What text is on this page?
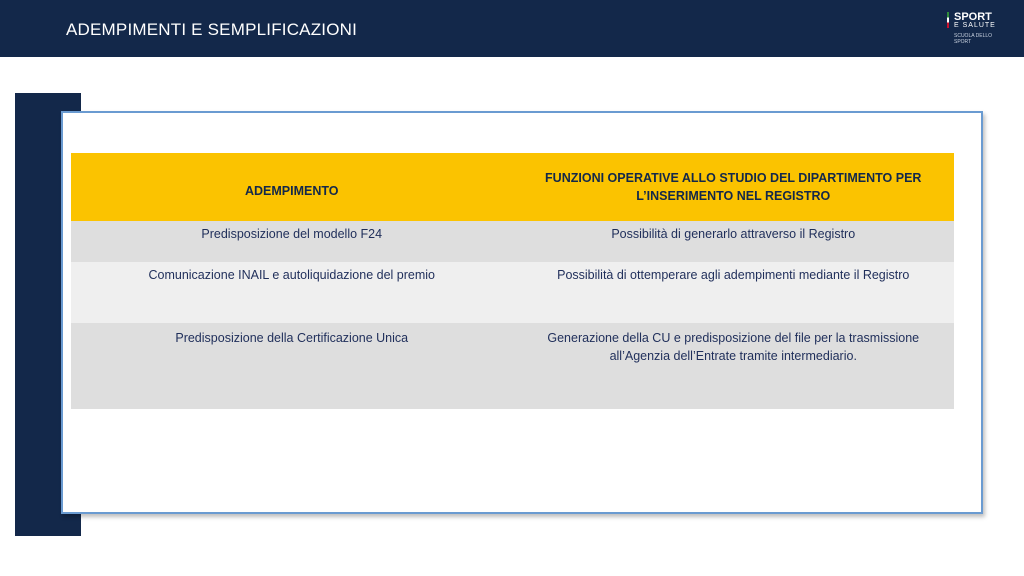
ADEMPIMENTI E SEMPLIFICAZIONI
SPORT
E SALUTE
SCUOLA DELLO SPORT
ADEMPIMENTO	FUNZIONI OPERATIVE ALLO STUDIO DEL DIPARTIMENTO PER L’INSERIMENTO NEL REGISTRO
Predisposizione del modello F24	Possibilità di generarlo attraverso il Registro
Comunicazione INAIL e autoliquidazione del premio	Possibilità di ottemperare agli adempimenti mediante il Registro
Predisposizione della Certificazione Unica	Generazione della CU e predisposizione del file per la trasmissione all’Agenzia dell’Entrate tramite intermediario.
